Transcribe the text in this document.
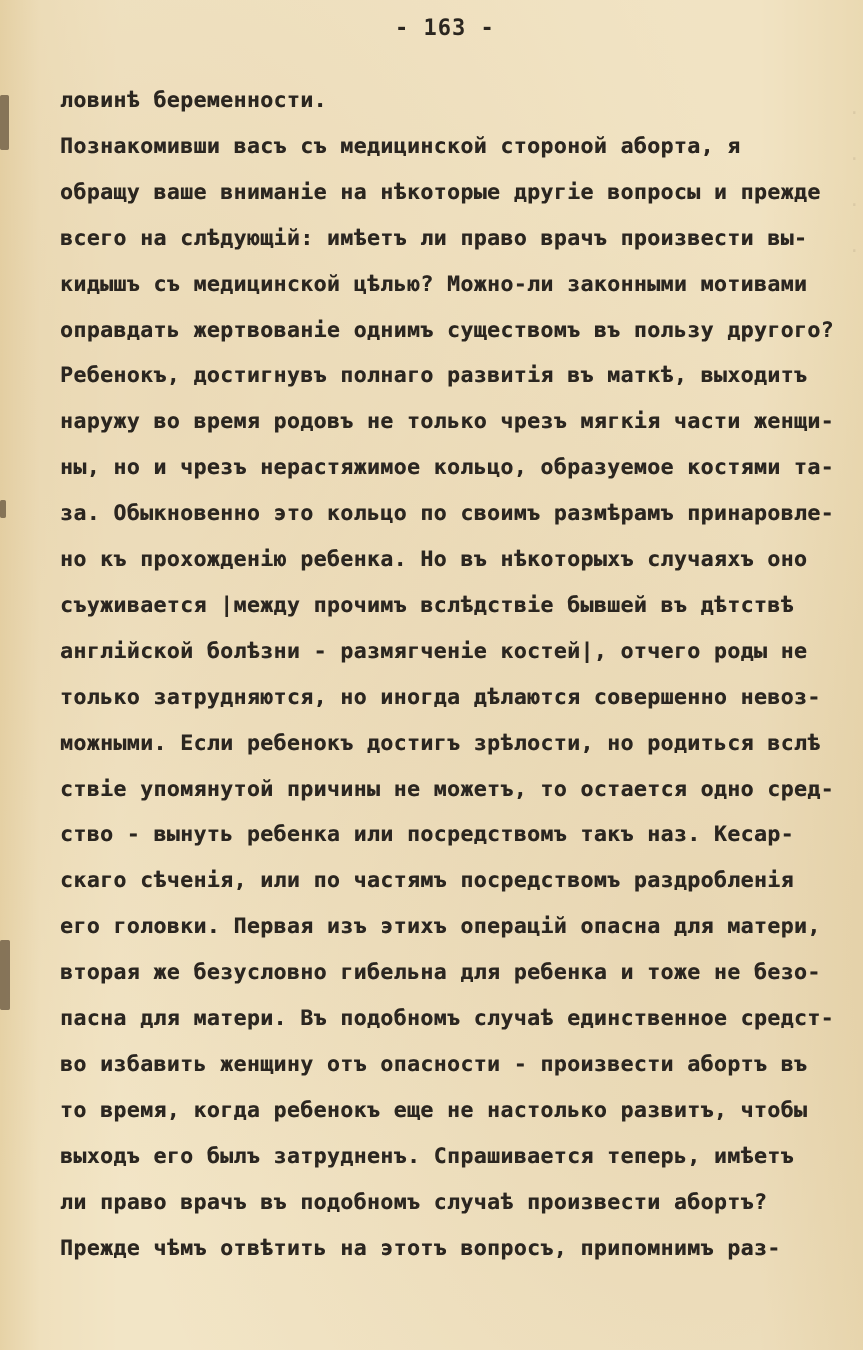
.
.
.
.
- 163 -
ловинѣ беременности.
Познакомивши васъ съ медицинской стороной аборта, я
обращу ваше вниманіе на нѣкоторые другіе вопросы и прежде
всего на слѣдующій: имѣетъ ли право врачъ произвести вы-
кидышъ съ медицинской цѣлью? Можно-ли законными мотивами
оправдать жертвованіе однимъ существомъ въ пользу другого?
Ребенокъ, достигнувъ полнаго развитія въ маткѣ, выходитъ
наружу во время родовъ не только чрезъ мягкія части женщи-
ны, но и чрезъ нерастяжимое кольцо, образуемое костями та-
за. Обыкновенно это кольцо по своимъ размѣрамъ принаровле-
но къ прохожденію ребенка. Но въ нѣкоторыхъ случаяхъ оно
съуживается |между прочимъ вслѣдствіе бывшей въ дѣтствѣ
англійской болѣзни - размягченіе костей|, отчего роды не
только затрудняются, но иногда дѣлаются совершенно невоз-
можными. Если ребенокъ достигъ зрѣлости, но родиться вслѣ
ствіе упомянутой причины не можетъ, то остается одно сред-
ство - вынуть ребенка или посредствомъ такъ наз. Кесар-
скаго сѣченія, или по частямъ посредствомъ раздробленія
его головки. Первая изъ этихъ операцій опасна для матери,
вторая же безусловно гибельна для ребенка и тоже не безо-
пасна для матери. Въ подобномъ случаѣ единственное средст-
во избавить женщину отъ опасности - произвести абортъ въ
то время, когда ребенокъ еще не настолько развитъ, чтобы
выходъ его былъ затрудненъ. Спрашивается теперь, имѣетъ
ли право врачъ въ подобномъ случаѣ произвести абортъ?
Прежде чѣмъ отвѣтить на этотъ вопросъ, припомнимъ раз-
